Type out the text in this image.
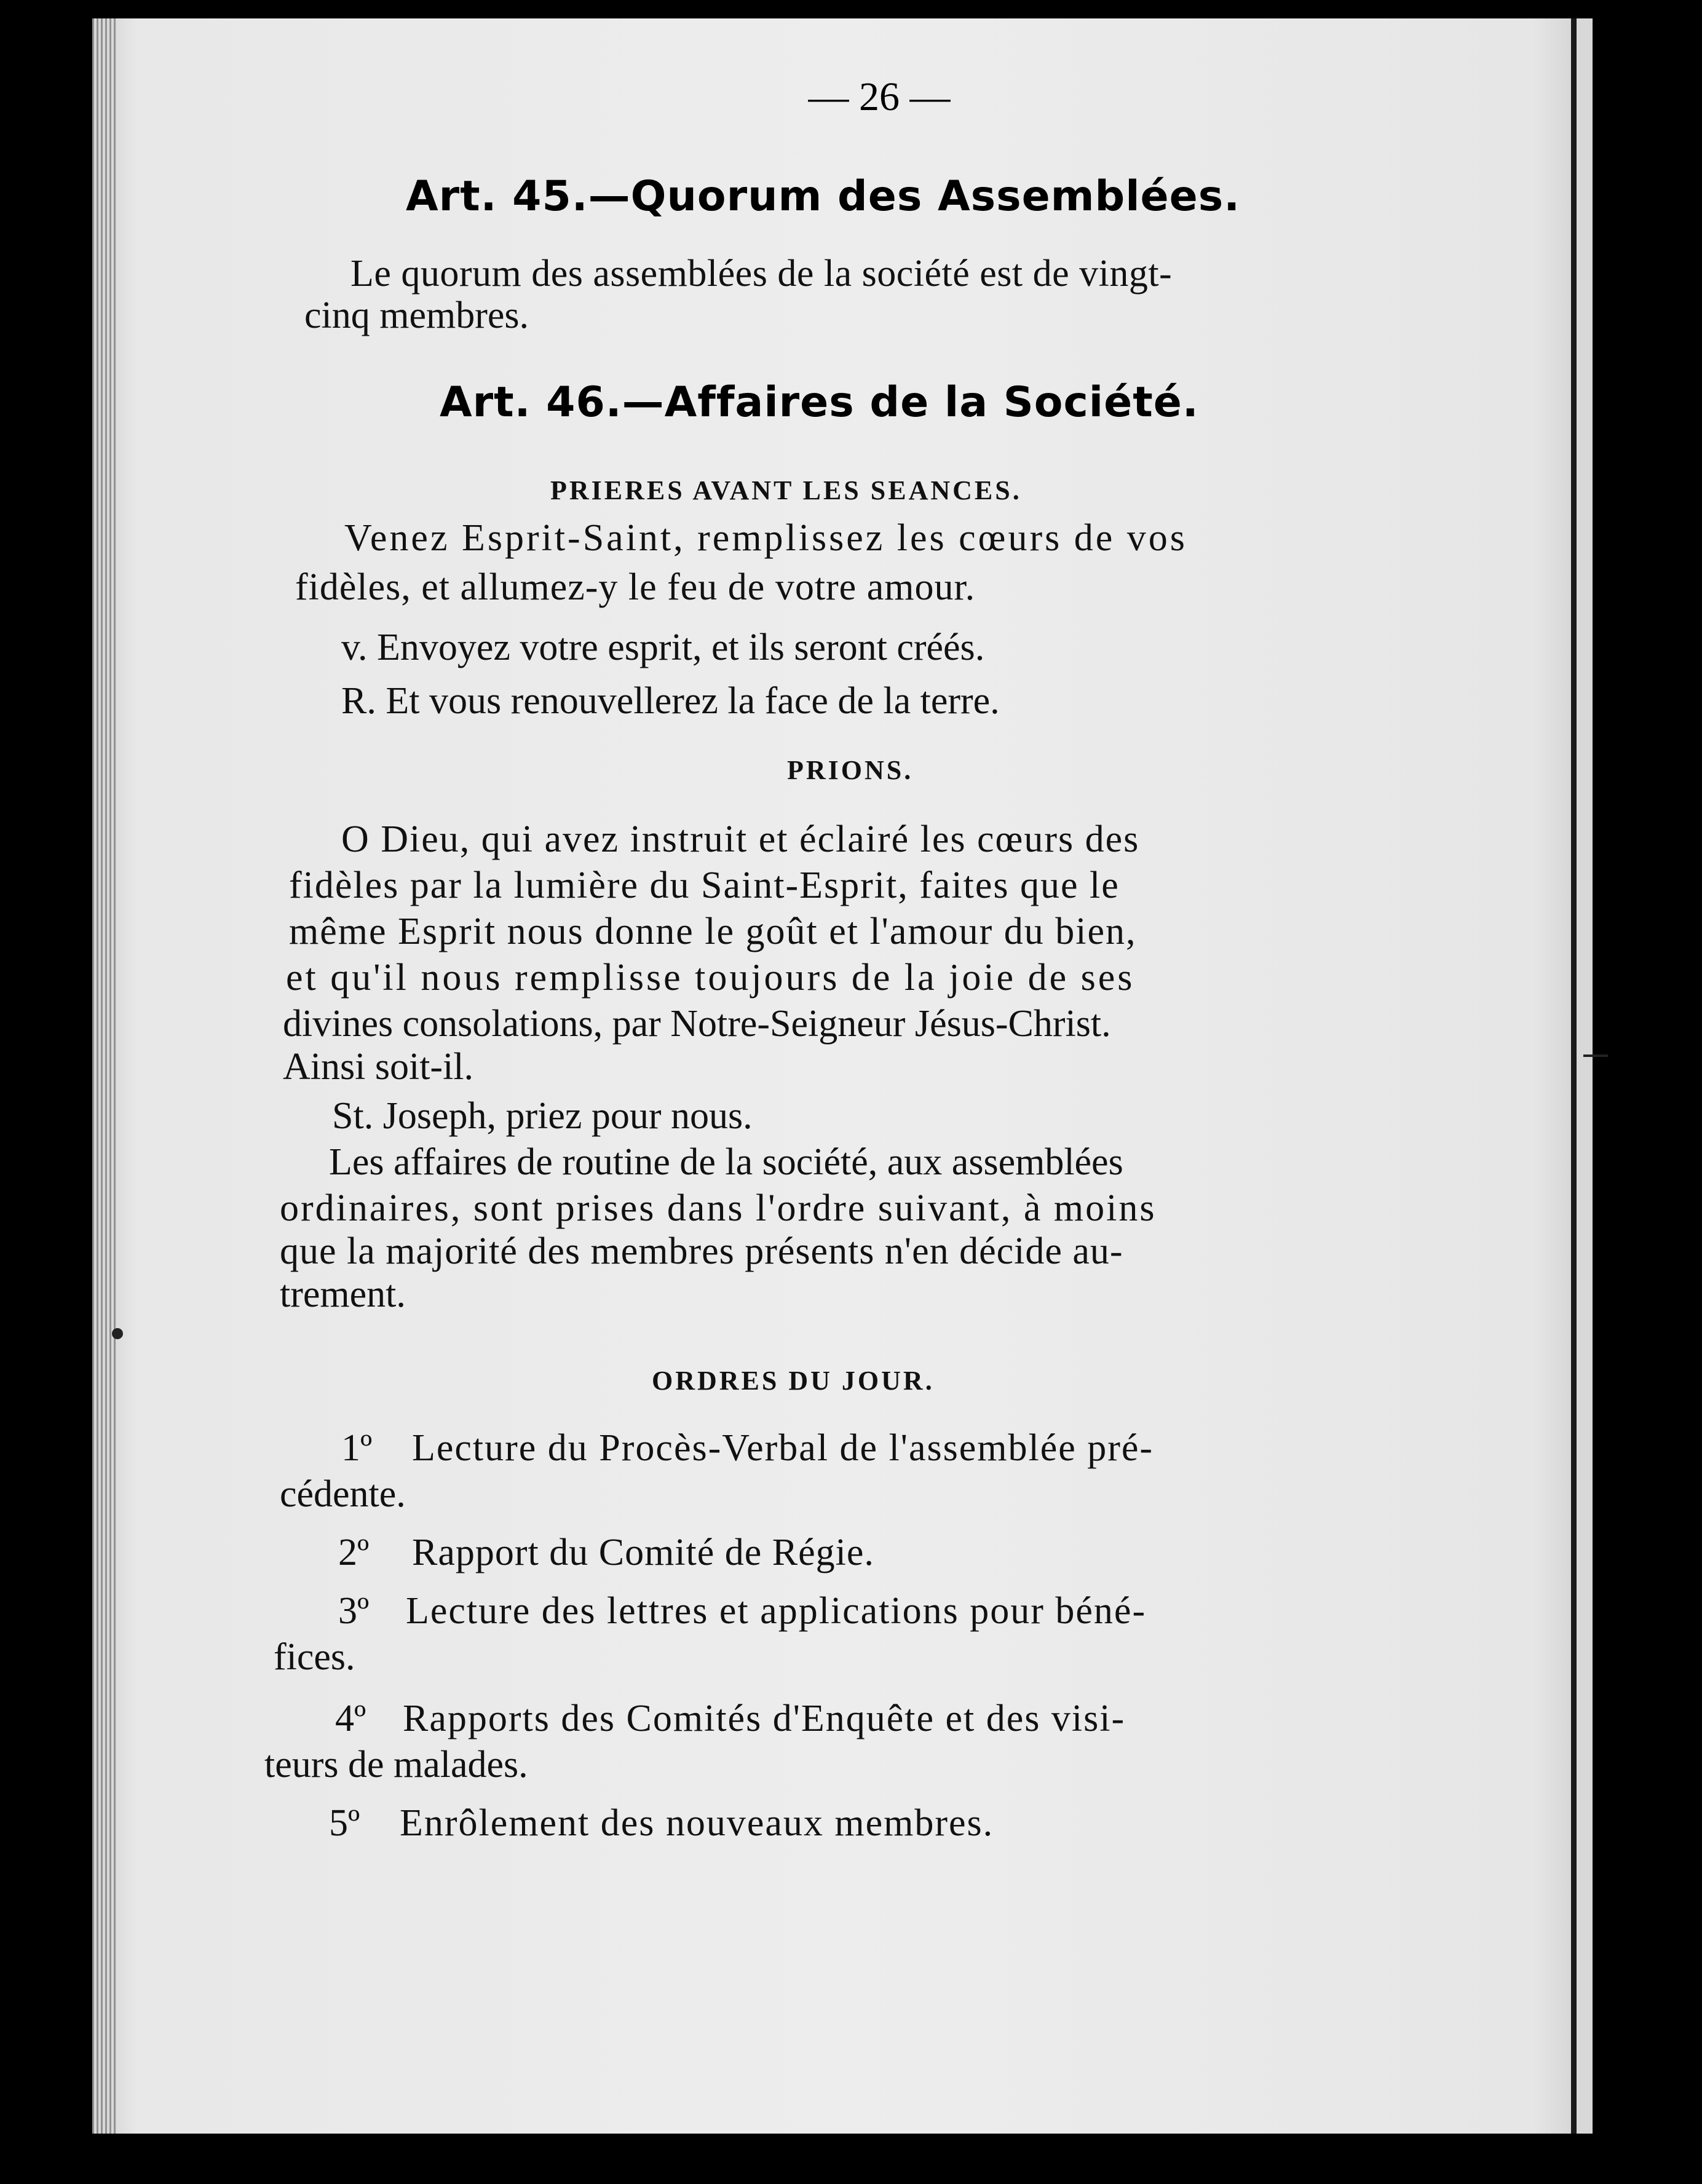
— 26 —
Art. 45.—Quorum des Assemblées.
Le quorum des assemblées de la société est de vingt-
cinq membres.
Art. 46.—Affaires de la Société.
PRIERES AVANT LES SEANCES.
Venez Esprit-Saint, remplissez les cœurs de vos
fidèles, et allumez-y le feu de votre amour.
v. Envoyez votre esprit, et ils seront créés.
R. Et vous renouvellerez la face de la terre.
PRIONS.
O Dieu, qui avez instruit et éclairé les cœurs des
fidèles par la lumière du Saint-Esprit, faites que le
même Esprit nous donne le goût et l'amour du bien,
et qu'il nous remplisse toujours de la joie de ses
divines consolations, par Notre-Seigneur Jésus-Christ.
Ainsi soit-il.
St. Joseph, priez pour nous.
Les affaires de routine de la société, aux assemblées
ordinaires, sont prises dans l'ordre suivant, à moins
que la majorité des membres présents n'en décide au-
trement.
ORDRES DU JOUR.
1º Lecture du Procès-Verbal de l'assemblée pré-
cédente.
2º Rapport du Comité de Régie.
3º Lecture des lettres et applications pour béné-
fices.
4º Rapports des Comités d'Enquête et des visi-
teurs de malades.
5º Enrôlement des nouveaux membres.
